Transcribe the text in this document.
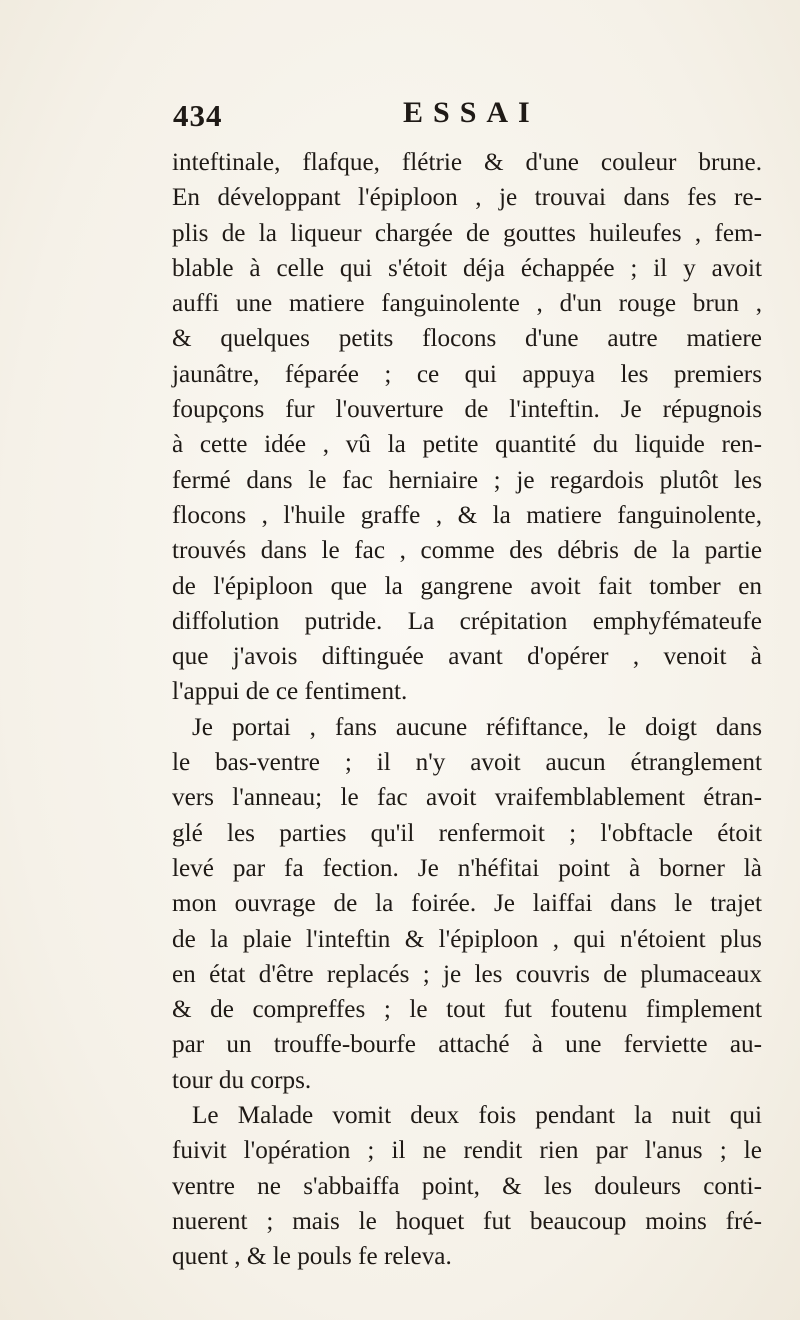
434	ESSAI
inteftinale, flafque, flétrie & d'une couleur brune.
En développant l'épiploon , je trouvai dans fes re-
plis de la liqueur chargée de gouttes huileufes , fem-
blable à celle qui s'étoit déja échappée ; il y avoit
auffi une matiere fanguinolente , d'un rouge brun ,
& quelques petits flocons d'une autre matiere
jaunâtre, féparée ; ce qui appuya les premiers
foupçons fur l'ouverture de l'inteftin. Je répugnois
à cette idée , vû la petite quantité du liquide ren-
fermé dans le fac herniaire ; je regardois plutôt les
flocons , l'huile graffe , & la matiere fanguinolente,
trouvés dans le fac , comme des débris de la partie
de l'épiploon que la gangrene avoit fait tomber en
diffolution putride. La crépitation emphyfémateufe
que j'avois diftinguée avant d'opérer , venoit à
l'appui de ce fentiment.
Je portai , fans aucune réfiftance, le doigt dans
le bas-ventre ; il n'y avoit aucun étranglement
vers l'anneau; le fac avoit vraifemblablement étran-
glé les parties qu'il renfermoit ; l'obftacle étoit
levé par fa fection. Je n'héfitai point à borner là
mon ouvrage de la foirée. Je laiffai dans le trajet
de la plaie l'inteftin & l'épiploon , qui n'étoient plus
en état d'être replacés ; je les couvris de plumaceaux
& de compreffes ; le tout fut foutenu fimplement
par un trouffe-bourfe attaché à une ferviette au-
tour du corps.
Le Malade vomit deux fois pendant la nuit qui
fuivit l'opération ; il ne rendit rien par l'anus ; le
ventre ne s'abbaiffa point, & les douleurs conti-
nuerent ; mais le hoquet fut beaucoup moins fré-
quent , & le pouls fe releva.
